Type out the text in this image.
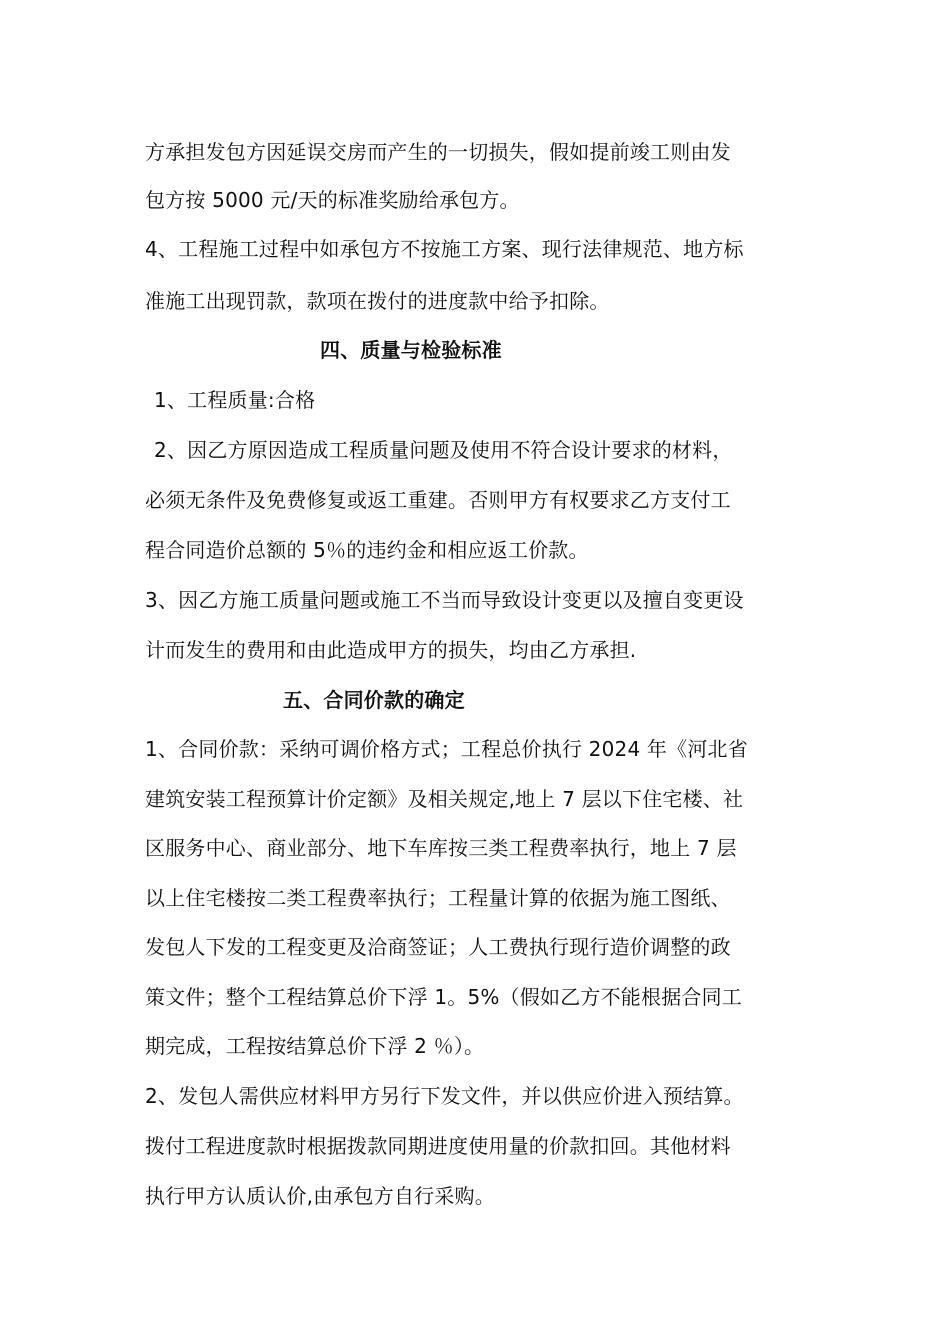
方承担发包方因延误交房而产生的一切损失，假如提前竣工则由发
包方按 5000 元/天的标准奖励给承包方。
4、工程施工过程中如承包方不按施工方案、现行法律规范、地方标
准施工出现罚款，款项在拨付的进度款中给予扣除。
四、质量与检验标准
1、工程质量:合格
2、因乙方原因造成工程质量问题及使用不符合设计要求的材料，
必须无条件及免费修复或返工重建。否则甲方有权要求乙方支付工
程合同造价总额的 5％的违约金和相应返工价款。
3、因乙方施工质量问题或施工不当而导致设计变更以及擅自变更设
计而发生的费用和由此造成甲方的损失，均由乙方承担.
五、合同价款的确定
1、合同价款：采纳可调价格方式；工程总价执行 2024 年《河北省
建筑安装工程预算计价定额》及相关规定,地上 7 层以下住宅楼、社
区服务中心、商业部分、地下车库按三类工程费率执行，地上 7 层
以上住宅楼按二类工程费率执行；工程量计算的依据为施工图纸、
发包人下发的工程变更及洽商签证；人工费执行现行造价调整的政
策文件；整个工程结算总价下浮 1。5%（假如乙方不能根据合同工
期完成，工程按结算总价下浮 2 ％）。
2、发包人需供应材料甲方另行下发文件，并以供应价进入预结算。
拨付工程进度款时根据拨款同期进度使用量的价款扣回。其他材料
执行甲方认质认价,由承包方自行采购。
